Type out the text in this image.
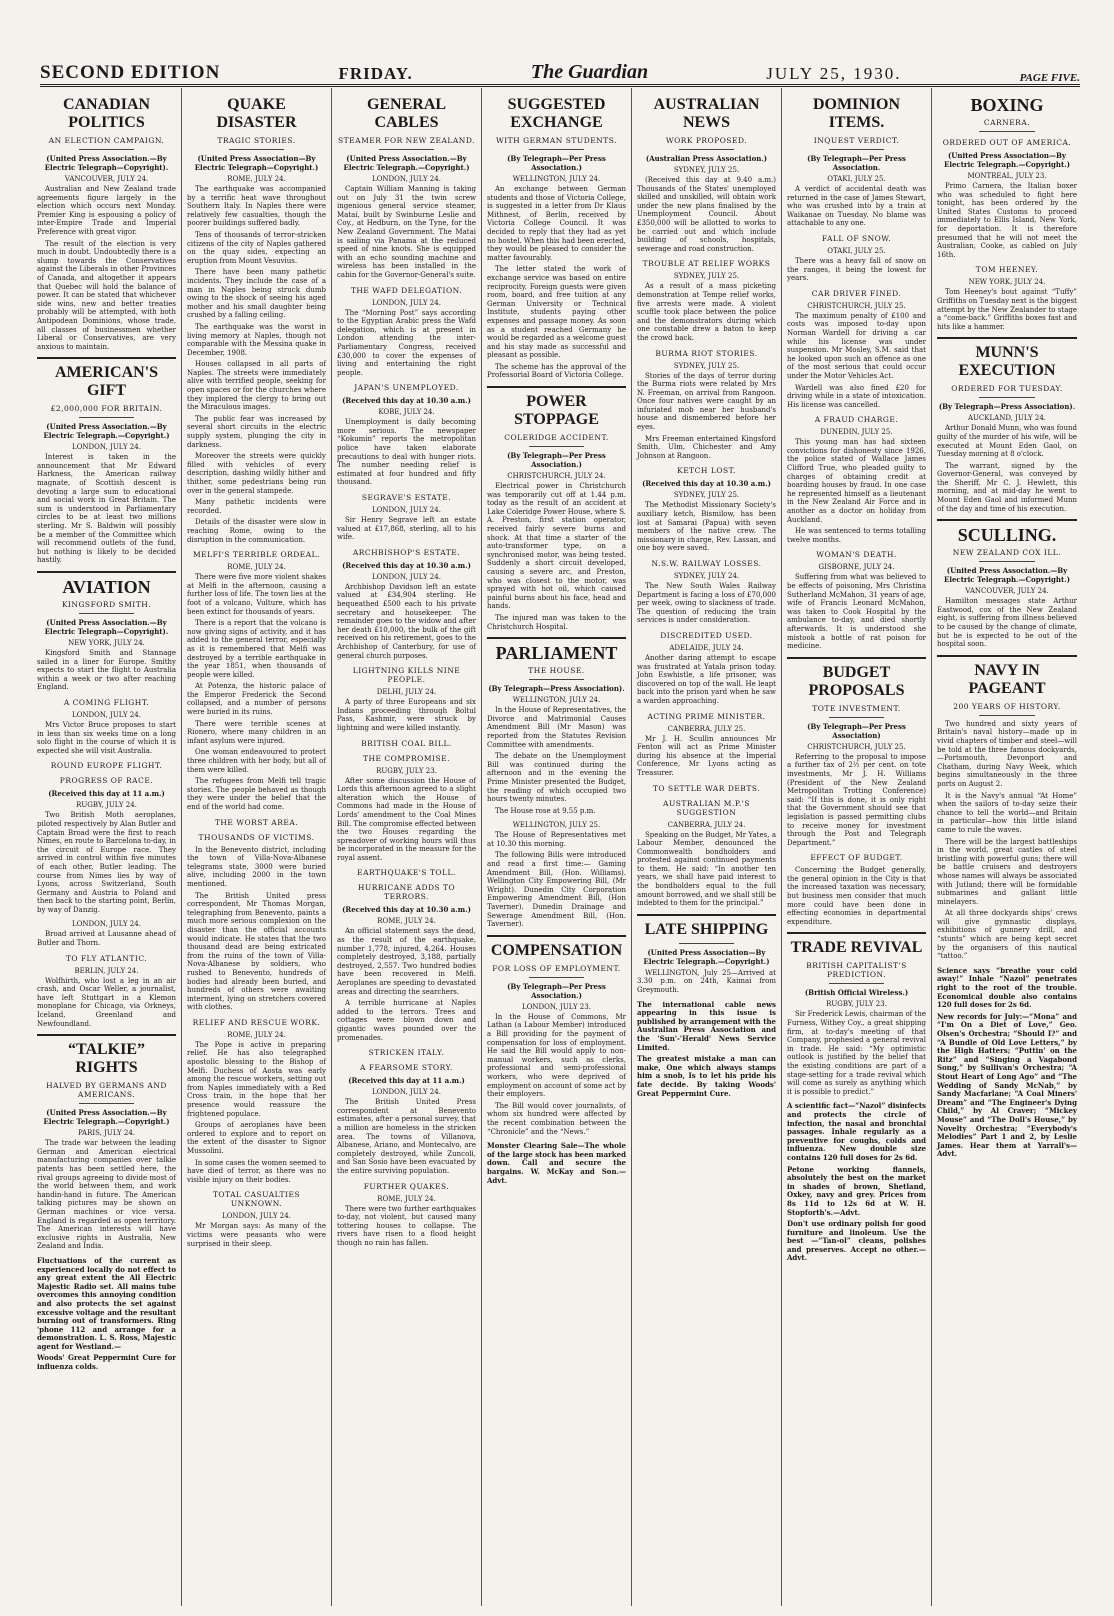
SECOND EDITION	FRIDAY.	The Guardian	JULY 25, 1930.	PAGE FIVE.
CANADIAN POLITICS
AN ELECTION CAMPAIGN.
(United Press Association.—By Electric Telegraph—Copyright).
VANCOUVER, JULY 24.
Australian and New Zealand trade agreements figure largely in the election which occurs next Monday. Premier King is espousing a policy of inter-Empire Trade and Imperial Preference with great vigor.
The result of the election is very much in doubt. Undoubtedly there is a slump towards the Conservatives against the Liberals in other Provinces of Canada, and altogether it appears that Quebec will hold the balance of power. It can be stated that whichever side wins, new and better treaties probably will be attempted, with both Antipodean Dominions, whose trade, all classes of businessmen whether Liberal or Conservatives, are very anxious to maintain.
AMERICAN'S GIFT
£2,000,000 FOR BRITAIN.
(United Press Association.—By Electric Telegraph.—Copyright.)
LONDON, JULY 24.
Interest is taken in the announcement that Mr Edward Harkness, the American railway magnate, of Scottish descent is devoting a large sum to educational and social work in Great Britain. The sum is understood in Parliamentary circles to be at least two millions sterling. Mr S. Baldwin will possibly be a member of the Committee which will recommend outlets of the fund, but nothing is likely to be decided hastily.
AVIATION
KINGSFORD SMITH.
(United Press Association.—By Electric Telegraph—Copyright).
NEW YORK, JULY 24.
Kingsford Smith and Stannage sailed in a liner for Europe. Smithy expects to start the flight to Australia within a week or two after reaching England.
A COMING FLIGHT.
LONDON, JULY 24.
Mrs Victor Bruce proposes to start in less than six weeks time on a long solo flight in the course of which it is expected she will visit Australia.
ROUND EUROPE FLIGHT.
PROGRESS OF RACE.
(Received this day at 11 a.m.)
RUGBY, JULY 24.
Two British Moth aeroplanes, piloted respectively by Alan Butler and Captain Broad were the first to reach Nimes, en route to Barcelona to-day, in the circuit of Europe race. They arrived in control within five minutes of each other, Butler leading. The course from Nimes lies by way of Lyons, across Switzerland, South Germany and Austria to Poland and then back to the starting point, Berlin, by way of Danzig.
LONDON, JULY 24.
Broad arrived at Lausanne ahead of Butler and Thorn.
TO FLY ATLANTIC.
BERLIN, JULY 24.
Wolfhirth, who lost a leg in an air crash, and Oscar Weller, a journalist, have left Stuttgart in a Klemon monoplane for Chicago, via Orkneys, Iceland, Greenland and Newfoundland.
“TALKIE” RIGHTS
HALVED BY GERMANS AND AMERICANS.
(United Press Association.—By Electric Telegraph.—Copyright.)
PARIS, JULY 24.
The trade war between the leading German and American electrical manufacturing companies over talkie patents has been settled here, the rival groups agreeing to divide most of the world between them, and work handin-hand in future. The American talking pictures may be shown on German machines or vice versa. England is regarded as open territory. The American interests will have exclusive rights in Australia, New Zealand and India.
Fluctuations of the current as experienced locally do not effect to any great extent the All Electric Majestic Radio set. All mains tube overcomes this annoying condition and also protects the set against excessive voltage and the resultant burning out of transformers. Ring 'phone 112 and arrange for a demonstration. L. S. Ross, Majestic agent for Westland.—
Woods' Great Peppermint Cure for influenza colds.
QUAKE DISASTER
TRAGIC STORIES.
(United Press Association—By Electric Telegraph—Copyright.)
ROME, JULY 24.
The earthquake was accompanied by a terrific heat wave throughout Southern Italy. In Naples there were relatively few casualties, though the poorer buildings suffered badly.
Tens of thousands of terror-stricken citizens of the city of Naples gathered on the quay sides, expecting an eruption from Mount Vesuvius.
There have been many pathetic incidents. They include the case of a man in Naples being struck dumb owing to the shock of seeing his aged mother and his small daughter being crushed by a falling ceiling.
The earthquake was the worst in living memory at Naples, though not comparable with the Messina quake in December, 1908.
Houses collapsed in all parts of Naples. The streets were immediately alive with terrified people, seeking for open spaces or for the churches where they implored the clergy to bring out the Miraculous images.
The public fear was increased by several short circuits in the electric supply system, plunging the city in darkness.
Moreover the streets were quickly filled with vehicles of every description, dashing wildly hither and thither, some pedestrians being run over in the general stampede.
Many pathetic incidents were recorded.
Details of the disaster were slow in reaching Rome, owing to the disruption in the communication.
MELFI'S TERRIBLE ORDEAL.
ROME, JULY 24.
There were five more violent shakes at Melfi in the afternoon, causing a further loss of life. The town lies at the foot of a volcano, Vulture, which has been extinct for thousands of years.
There is a report that the volcano is now giving signs of activity, and it has added to the general terror, especially as it is remembered that Melfi was destroyed by a terrible earthquake in the year 1851, when thousands of people were killed.
At Potenza, the historic palace of the Emperor Frederick the Second collapsed, and a number of persons were buried in its ruins.
There were terrible scenes at Rionero, where many children in an infant asylum were injured.
One woman endeavoured to protect three children with her body, but all of them were killed.
The refugees from Melfi tell tragic stories. The people behaved as though they were under the belief that the end of the world had come.
THE WORST AREA.
THOUSANDS OF VICTIMS.
In the Benevento district, including the town of Villa-Nova-Albanese telegrams state, 3000 were buried alive, including 2000 in the town mentioned.
The British United press correspondent, Mr Thomas Morgan, telegraphing from Benevento, paints a much more serious complexion on the disaster than the official accounts would indicate. He states that the two thousand dead are being extricated from the ruins of the town of Villa-Nova-Albanese by soldiers, who rushed to Benevento, hundreds of bodies had already been buried, and hundreds of others were awaiting interment, lying on stretchers covered with clothes.
RELIEF AND RESCUE WORK.
ROME, JULY 24.
The Pope is active in preparing relief. He has also telegraphed apostolic blessing to the Bishop of Melfi. Duchess of Aosta was early among the rescue workers, setting out from Naples immediately with a Red Cross train, in the hope that her presence would reassure the frightened populace.
Groups of aeroplanes have been ordered to explore and to report on the extent of the disaster to Signor Mussolini.
In some cases the women seemed to have died of terror, as there was no visible injury on their bodies.
TOTAL CASUALTIES UNKNOWN.
LONDON, JULY 24.
Mr Morgan says: As many of the victims were peasants who were surprised in their sleep.
GENERAL CABLES
STEAMER FOR NEW ZEALAND.
(United Press Association.—By Electric Telegraph.—Copyright.)
LONDON, JULY 24.
Captain William Manning is taking out on July 31 the twin screw ingenious general service steamer, Matai, built by Swinburne Leslie and Coy., at Hedburn, on the Tyne, for the New Zealand Government. The Matai is sailing via Panama at the reduced speed of nine knots. She is equipped with an echo sounding machine and wireless has been installed in the cabin for the Governor-General's suite.
THE WAFD DELEGATION.
LONDON, JULY 24.
The “Morning Post” says according to the Egyptian Arabic press the Wafd delegation, which is at present in London attending the inter-Parliamentary Congress, received £30,000 to cover the expenses of living and entertaining the right people.
JAPAN'S UNEMPLOYED.
(Received this day at 10.30 a.m.)
KOBE, JULY 24.
Unemployment is daily becoming more serious. The newspaper “Kokumin” reports the metropolitan police have taken elaborate precautions to deal with hunger riots. The number needing relief is estimated at four hundred and fifty thousand.
SEGRAVE'S ESTATE.
LONDON, JULY 24.
Sir Henry Segrave left an estate valued at £17,868, sterling, all to his wife.
ARCHBISHOP'S ESTATE.
(Received this day at 10.30 a.m.)
LONDON, JULY 24.
Archbishop Davidson left an estate valued at £34,904 sterling. He bequeathed £500 each to his private secretary and housekeeper. The remainder goes to the widow and after her death £10,000, the bulk of the gift received on his retirement, goes to the Archbishop of Canterbury, for use of general church purposes.
LIGHTNING KILLS NINE PEOPLE.
DELHI, JULY 24.
A party of three Europeans and six Indians proceeding through Boltul Pass, Kashmir, were struck by lightning and were killed instantly.
BRITISH COAL BILL.
THE COMPROMISE.
RUGBY, JULY 23.
After some discussion the House of Lords this afternoon agreed to a slight alteration which the House of Commons had made in the House of Lords' amendment to the Coal Mines Bill. The compromise effected between the two Houses regarding the spreadover of working hours will thus be incorporated in the measure for the royal assent.
EARTHQUAKE'S TOLL.
HURRICANE ADDS TO TERRORS.
(Received this day at 10.30 a.m.)
ROME, JULY 24.
An official statement says the dead, as the result of the earthquake, number 1,778, injured, 4,264. Houses completely destroyed, 3,188, partially destroyed, 2,557. Two hundred bodies have been recovered in Melfi. Aeroplanes are speeding to devastated areas and directing the searchers.
A terrible hurricane at Naples added to the terrors. Trees and cottages were blown down and gigantic waves pounded over the promenades.
STRICKEN ITALY.
A FEARSOME STORY.
(Received this day at 11 a.m.)
LONDON, JULY 24.
The British United Press correspondent at Benevento estimates, after a personal survey, that a million are homeless in the stricken area. The towns of Villanova, Albanese, Ariano, and Montecalvo, are completely destroyed, while Zuncoli, and San Sosio have been evacuated by the entire surviving population.
FURTHER QUAKES.
ROME, JULY 24.
There were two further earthquakes to-day, not violent, but caused many tottering houses to collapse. The rivers have risen to a flood height though no rain has fallen.
SUGGESTED EXCHANGE
WITH GERMAN STUDENTS.
(By Telegraph—Per Press Association.)
WELLINGTON, JULY 24.
An exchange between German students and those of Victoria College, is suggested in a letter from Dr Klaus Mithnest, of Berlin, received by Victoria College Council. It was decided to reply that they had as yet no hostel. When this had been erected, they would be pleased to consider the matter favourably.
The letter stated the work of exchange service was based on entire reciprocity. Foreign guests were given room, board, and free tuition at any German University or Technical Institute, students paying other expenses and passage money. As soon as a student reached Germany he would be regarded as a welcome guest and his stay made as successful and pleasant as possible.
The scheme has the approval of the Professorial Board of Victoria College.
POWER STOPPAGE
COLERIDGE ACCIDENT.
(By Telegraph—Per Press Association.)
CHRISTCHURCH, JULY 24.
Electrical power in Christchurch was temporarily cut off at 1.44 p.m. today as the result of an accident at Lake Coleridge Power House, where S. A. Preston, first station operator, received fairly severe burns and shock. At that time a starter of the auto-transformer type, on a synchronised motor, was being tested. Suddenly a short circuit developed, causing a severe arc, and Preston, who was closest to the motor, was sprayed with hot oil, which caused painful burns about his face, head and hands.
The injured man was taken to the Christchurch Hospital.
PARLIAMENT
THE HOUSE.
(By Telegraph—Press Association).
WELLINGTON, JULY 24.
In the House of Representatives, the Divorce and Matrimonial Causes Amendment Bill (Mr Mason) was reported from the Statutes Revision Committee with amendments.
The debate on the Unemployment Bill was continued during the afternoon and in the evening the Prime Minister presented the Budget, the reading of which occupied two hours twenty minutes.
The House rose at 9.55 p.m.
WELLINGTON, JULY 25.
The House of Representatives met at 10.30 this morning.
The following Bills were introduced and read a first time:— Gaming Amendment Bill, (Hon. Williams). Wellington City Empowering Bill, (Mr Wright). Dunedin City Corporation Empowering Amendment Bill, (Hon Taverner). Dunedin Drainage and Sewerage Amendment Bill, (Hon. Taverner).
COMPENSATION
FOR LOSS OF EMPLOYMENT.
(By Telegraph—Per Press Association.)
LONDON, JULY 23.
In the House of Commons, Mr Lathan (a Labour Member) introduced a Bill providing for the payment of compensation for loss of employment. He said the Bill would apply to non-manual workers, such as clerks, professional and semi-professional workers, who were deprived of employment on account of some act by their employers.
The Bill would cover journalists, of whom six hundred were affected by the recent combination between the “Chronicle” and the “News.”
Monster Clearing Sale—The whole of the large stock has been marked down. Call and secure the bargains. W. McKay and Son.—Advt.
AUSTRALIAN NEWS
WORK PROPOSED.
(Australian Press Association.)
SYDNEY, JULY 25.
(Received this day at 9.40 a.m.) Thousands of the States' unemployed skilled and unskilled, will obtain work under the new plans finalised by the Unemployment Council. About £350,000 will be allotted to works to be carried out and which include building of schools, hospitals, sewerage and road construction.
TROUBLE AT RELIEF WORKS
SYDNEY, JULY 25.
As a result of a mass picketing demonstration at Tempe relief works, five arrests were made. A violent scuffle took place between the police and the demonstrators during which one constable drew a baton to keep the crowd back.
BURMA RIOT STORIES.
SYDNEY, JULY 25.
Stories of the days of terror during the Burma riots were related by Mrs N. Freeman, on arrival from Rangoon. Once four natives were caught by an infuriated mob near her husband's house and dismembered before her eyes.
Mrs Freeman entertained Kingsford Smith, Ulm, Chichester and Amy Johnson at Rangoon.
KETCH LOST.
(Received this day at 10.30 a.m.)
SYDNEY, JULY 25.
The Methodist Missionary Society's auxiliary ketch, Bismilow, has been lost at Samarai (Papua) with seven members of the native crew. The missionary in charge, Rev. Lassan, and one boy were saved.
N.S.W. RAILWAY LOSSES.
SYDNEY, JULY 24.
The New South Wales Railway Department is facing a loss of £70,000 per week, owing to slackness of trade. The question of reducing the train services is under consideration.
DISCREDITED USED.
ADELAIDE, JULY 24.
Another daring attempt to escape was frustrated at Yatala prison today. John Eswhistle, a life prisoner, was discovered on top of the wall. He leapt back into the prison yard when he saw a warden approaching.
ACTING PRIME MINISTER.
CANBERRA, JULY 25.
Mr J. H. Scullin announces Mr Fenton will act as Prime Minister during his absence at the Imperial Conference, Mr Lyons acting as Treasurer.
TO SETTLE WAR DEBTS.
AUSTRALIAN M.P.'S SUGGESTION
CANBERRA, JULY 24.
Speaking on the Budget, Mr Yates, a Labour Member, denounced the Commonwealth bondholders and protested against continued payments to them. He said: “In another ten years, we shall have paid interest to the bondholders equal to the full amount borrowed, and we shall still be indebted to them for the principal.”
LATE SHIPPING
(United Press Association—By Electric Telegraph.—Copyright.)
WELLINGTON, July 25—Arrived at 3.30 p.m. on 24th, Kaimai from Greymouth.
The international cable news appearing in this issue is published by arrangement with the Australian Press Association and the 'Sun'-'Herald' News Service Limited.
The greatest mistake a man can make, One which always stamps him a snob, Is to let his pride his fate decide. By taking Woods' Great Peppermint Cure.
DOMINION ITEMS.
INQUEST VERDICT.
(By Telegraph—Per Press Association.
OTAKI, JULY 25.
A verdict of accidental death was returned in the case of James Stewart, who was crushed into by a train at Waikanae on Tuesday. No blame was attachable to any one.
FALL OF SNOW.
OTAKI, JULY 25.
There was a heavy fall of snow on the ranges, it being the lowest for years.
CAR DRIVER FINED.
CHRISTCHURCH, JULY 25.
The maximum penalty of £100 and costs was imposed to-day upon Norman Wardell for driving a car while his license was under suspension. Mr Mosley, S.M. said that he looked upon such an offence as one of the most serious that could occur under the Motor Vehicles Act.
Wardell was also fined £20 for driving while in a state of intoxication. His license was cancelled.
A FRAUD CHARGE.
DUNEDIN, JULY 25.
This young man has had sixteen convictions for dishonesty since 1926, the police stated of Wallace James Clifford True, who pleaded guilty to charges of obtaining credit at boarding houses by fraud. In one case he represented himself as a lieutenant in the New Zealand Air Force and in another as a doctor on holiday from Auckland.
He was sentenced to terms totalling twelve months.
WOMAN'S DEATH.
GISBORNE, JULY 24.
Suffering from what was believed to be effects of poisoning, Mrs Christina Sutherland McMahon, 31 years of age, wife of Francis Leonard McMahon, was taken to Cook Hospital by the ambulance to-day, and died shortly afterwards. It is understood she mistook a bottle of rat poison for medicine.
BUDGET PROPOSALS
TOTE INVESTMENT.
(By Telegraph—Per Press Association)
CHRISTCHURCH, JULY 25.
Referring to the proposal to impose a further tax of 2½ per cent. on tote investments, Mr J. H. Williams (President of the New Zealand Metropolitan Trotting Conference) said: “If this is done, it is only right that the Government should see that legislation is passed permitting clubs to receive money for investment through the Post and Telegraph Department.”
EFFECT OF BUDGET.
Concerning the Budget generally, the general opinion in the City is that the increased taxation was necessary, but business men consider that much more could have been done in effecting economies in departmental expenditure.
TRADE REVIVAL
BRITISH CAPITALIST'S PREDICTION.
(British Official Wireless.)
RUGBY, JULY 23.
Sir Frederick Lewis, chairman of the Furness, Withey Coy., a great shipping firm, at to-day's meeting of that Company, prophesied a general revival in trade. He said: “My optimistic outlook is justified by the belief that the existing conditions are part of a stage-setting for a trade revival which will come as surely as anything which it is possible to predict.”
A scientific fact—“Nazol” disinfects and protects the circle of infection, the nasal and bronchial passages. Inhale regularly as a preventive for coughs, colds and influenza. New double size contains 120 full doses for 2s 6d.
Petone working flannels, absolutely the best on the market in shades of brown, Shetland, Oxkey, navy and grey. Prices from 8s 11d to 12s 6d at W. H. Stopforth's.—Advt.
Don't use ordinary polish for good furniture and linoleum. Use the best —“Tan-ol” cleans, polishes and preserves. Accept no other.—Advt.
BOXING
CARNERA.
ORDERED OUT OF AMERICA.
(United Press Association—By Electric Telegraph.—Copyright.)
MONTREAL, JULY 23.
Primo Carnera, the Italian boxer who was scheduled to fight here tonight, has been ordered by the United States Customs to proceed immediately to Ellis Island, New York, for deportation. It is therefore presumed that he will not meet the Australian, Cooke, as cabled on July 16th.
TOM HEENEY.
NEW YORK, JULY 24.
Tom Heeney's bout against “Tuffy” Griffiths on Tuesday next is the biggest attempt by the New Zealander to stage a “come-back.” Griffiths boxes fast and hits like a hammer.
MUNN'S EXECUTION
ORDERED FOR TUESDAY.
(By Telegraph—Press Association).
AUCKLAND, JULY 24.
Arthur Donald Munn, who was found guilty of the murder of his wife, will be executed at Mount Eden Gaol, on Tuesday morning at 8 o'clock.
The warrant, signed by the Governor-General, was conveyed by the Sheriff, Mr C. J. Hewlett, this morning, and at mid-day he went to Mount Eden Gaol and informed Munn of the day and time of his execution.
SCULLING.
NEW ZEALAND COX ILL.
(United Press Association.—By Electric Telegraph.—Copyright.)
VANCOUVER, JULY 24.
Hamilton messages state Arthur Eastwood, cox of the New Zealand eight, is suffering from illness believed to be caused by the change of climate, but he is expected to be out of the hospital soon.
NAVY IN PAGEANT
200 YEARS OF HISTORY.
Two hundred and sixty years of Britain's naval history—made up in vivid chapters of timber and steel—will be told at the three famous dockyards,—Portsmouth, Devonport and Chatham, during Navy Week, which begins simultaneously in the three ports on August 2.
It is the Navy's annual “At Home” when the sailors of to-day seize their chance to tell the world—and Britain in particular—how this little island came to rule the waves.
There will be the largest battleships in the world, great castles of steel bristling with powerful guns; there will be battle cruisers and destroyers whose names will always be associated with Jutland; there will be formidable submarines and gallant little minelayers.
At all three dockyards ships' crews will give gymnastic displays, exhibitions of gunnery drill, and “stunts” which are being kept secret by the organisers of this nautical “tattoo.”
Science says “breathe your cold away!” Inhale “Nazol” penetrates right to the root of the trouble. Economical double also contains 120 full doses for 2s 6d.
New records for July:—“Mona” and “I'm On a Diet of Love,” Geo. Olsen's Orchestra; “Should I?” and “A Bundle of Old Love Letters,” by the High Hatters; “Puttin' on the Ritz” and “Singing a Vagabond Song,” by Sullivan's Orchestra; “A Stout Heart of Long Ago” and “The Wedding of Sandy McNab,” by Sandy Macfarlane; “A Coal Miners' Dream” and “The Engineer's Dying Child,” by Al Craver; “Mickey Mouse” and “The Doll's House,” by Novelty Orchestra; “Everybody's Melodies” Part 1 and 2, by Leslie James. Hear them at Yarrall's—Advt.
